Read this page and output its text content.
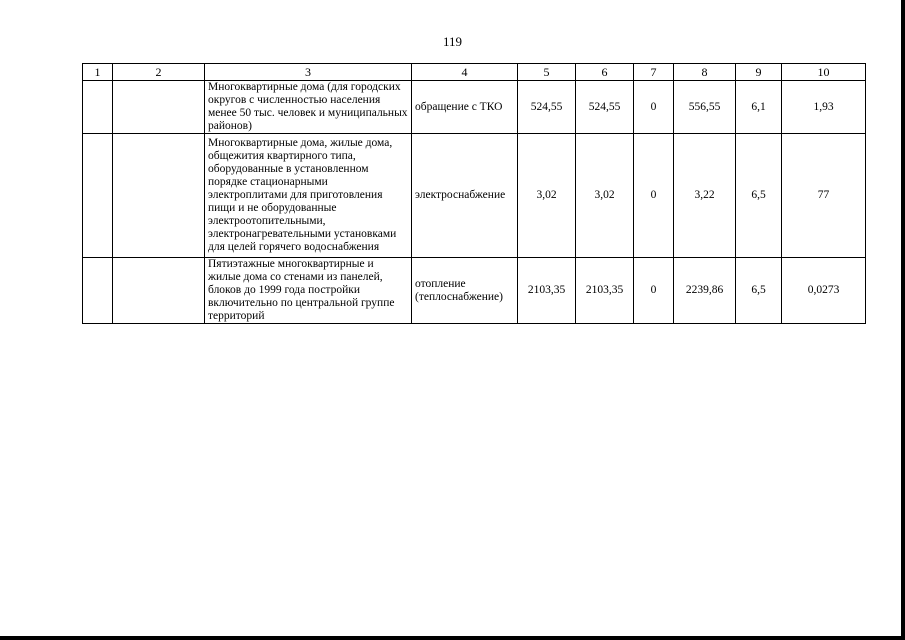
119
1	2	3	4	5	6	7	8	9	10
		Многоквартирные дома (для городских округов с численностью населения менее 50 тыс. человек и муниципальных районов)	обращение с ТКО	524,55	524,55	0	556,55	6,1	1,93
		Многоквартирные дома, жилые дома, общежития квартирного типа, оборудованные в установленном порядке стационарными электроплитами для приготовления пищи и не оборудованные электроотопительными, электронагревательными установками для целей горячего водоснабжения	электроснабжение	3,02	3,02	0	3,22	6,5	77
		Пятиэтажные многоквартирные и жилые дома со стенами из панелей, блоков до 1999 года постройки включительно по центральной группе территорий	отопление (теплоснабжение)	2103,35	2103,35	0	2239,86	6,5	0,0273
